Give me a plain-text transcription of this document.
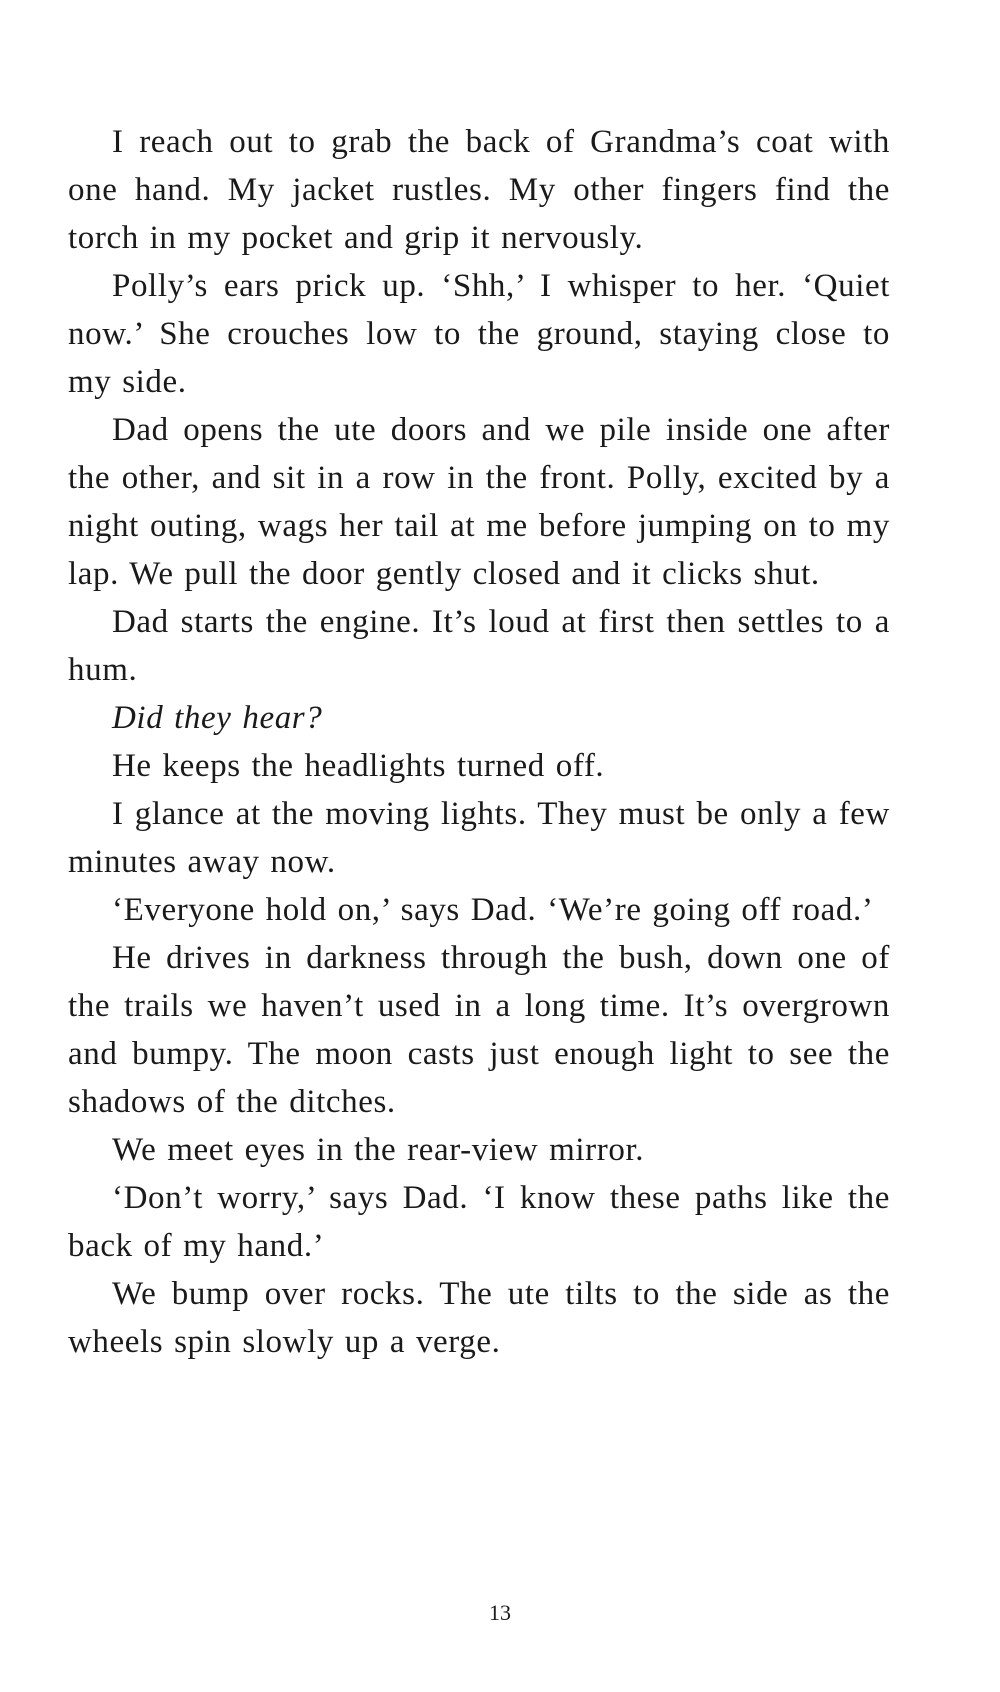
I reach out to grab the back of Grandma’s coat with one hand. My jacket rustles. My other fingers find the torch in my pocket and grip it nervously.

Polly’s ears prick up. ‘Shh,’ I whisper to her. ‘Quiet now.’ She crouches low to the ground, staying close to my side.

Dad opens the ute doors and we pile inside one after the other, and sit in a row in the front. Polly, excited by a night outing, wags her tail at me before jumping on to my lap. We pull the door gently closed and it clicks shut.

Dad starts the engine. It’s loud at first then settles to a hum.

Did they hear?

He keeps the headlights turned off.

I glance at the moving lights. They must be only a few minutes away now.

‘Everyone hold on,’ says Dad. ‘We’re going off road.’

He drives in darkness through the bush, down one of the trails we haven’t used in a long time. It’s overgrown and bumpy. The moon casts just enough light to see the shadows of the ditches.

We meet eyes in the rear-view mirror.

‘Don’t worry,’ says Dad. ‘I know these paths like the back of my hand.’

We bump over rocks. The ute tilts to the side as the wheels spin slowly up a verge.

13
